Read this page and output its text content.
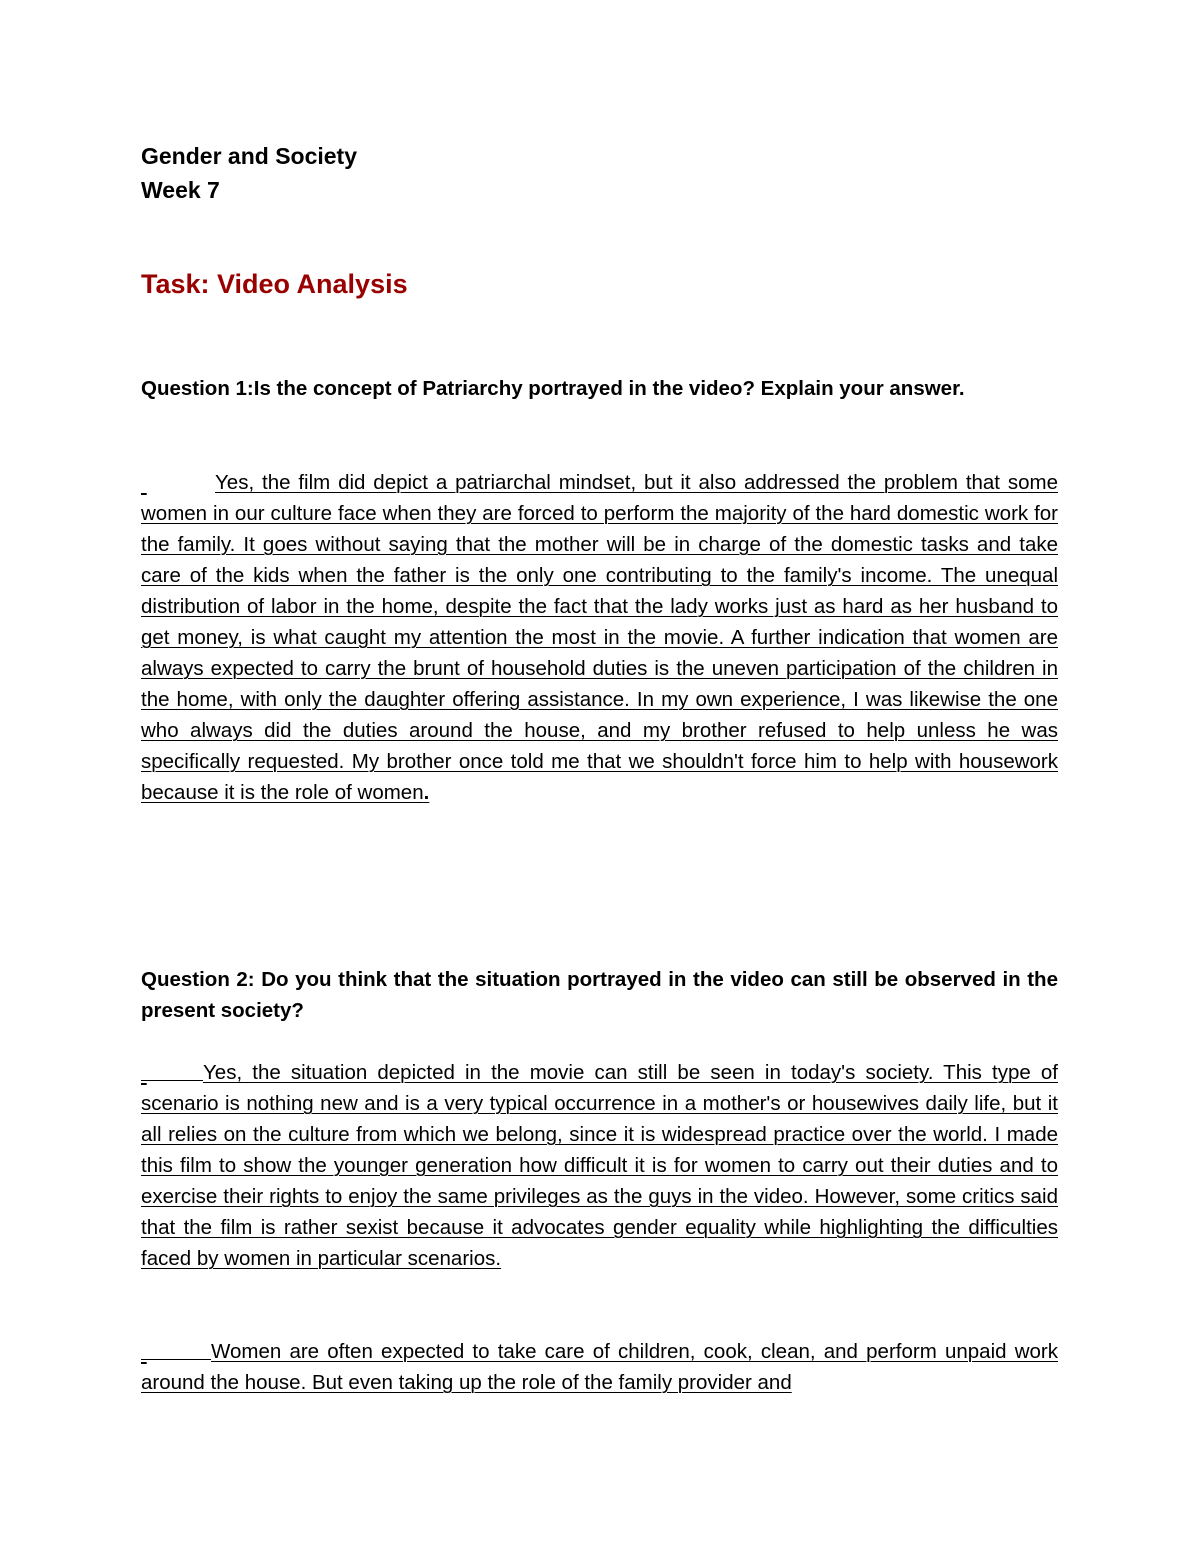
Gender and Society
Week 7
Task: Video Analysis
Question 1:Is the concept of Patriarchy portrayed in the video? Explain your answer.
Yes, the film did depict a patriarchal mindset, but it also addressed the problem that some women in our culture face when they are forced to perform the majority of the hard domestic work for the family. It goes without saying that the mother will be in charge of the domestic tasks and take care of the kids when the father is the only one contributing to the family's income. The unequal distribution of labor in the home, despite the fact that the lady works just as hard as her husband to get money, is what caught my attention the most in the movie. A further indication that women are always expected to carry the brunt of household duties is the uneven participation of the children in the home, with only the daughter offering assistance. In my own experience, I was likewise the one who always did the duties around the house, and my brother refused to help unless he was specifically requested. My brother once told me that we shouldn't force him to help with housework because it is the role of women.
Question 2: Do you think that the situation portrayed in the video can still be observed in the present society?
Yes, the situation depicted in the movie can still be seen in today's society. This type of scenario is nothing new and is a very typical occurrence in a mother's or housewives daily life, but it all relies on the culture from which we belong, since it is widespread practice over the world. I made this film to show the younger generation how difficult it is for women to carry out their duties and to exercise their rights to enjoy the same privileges as the guys in the video. However, some critics said that the film is rather sexist because it advocates gender equality while highlighting the difficulties faced by women in particular scenarios.
Women are often expected to take care of children, cook, clean, and perform unpaid work around the house. But even taking up the role of the family provider and
